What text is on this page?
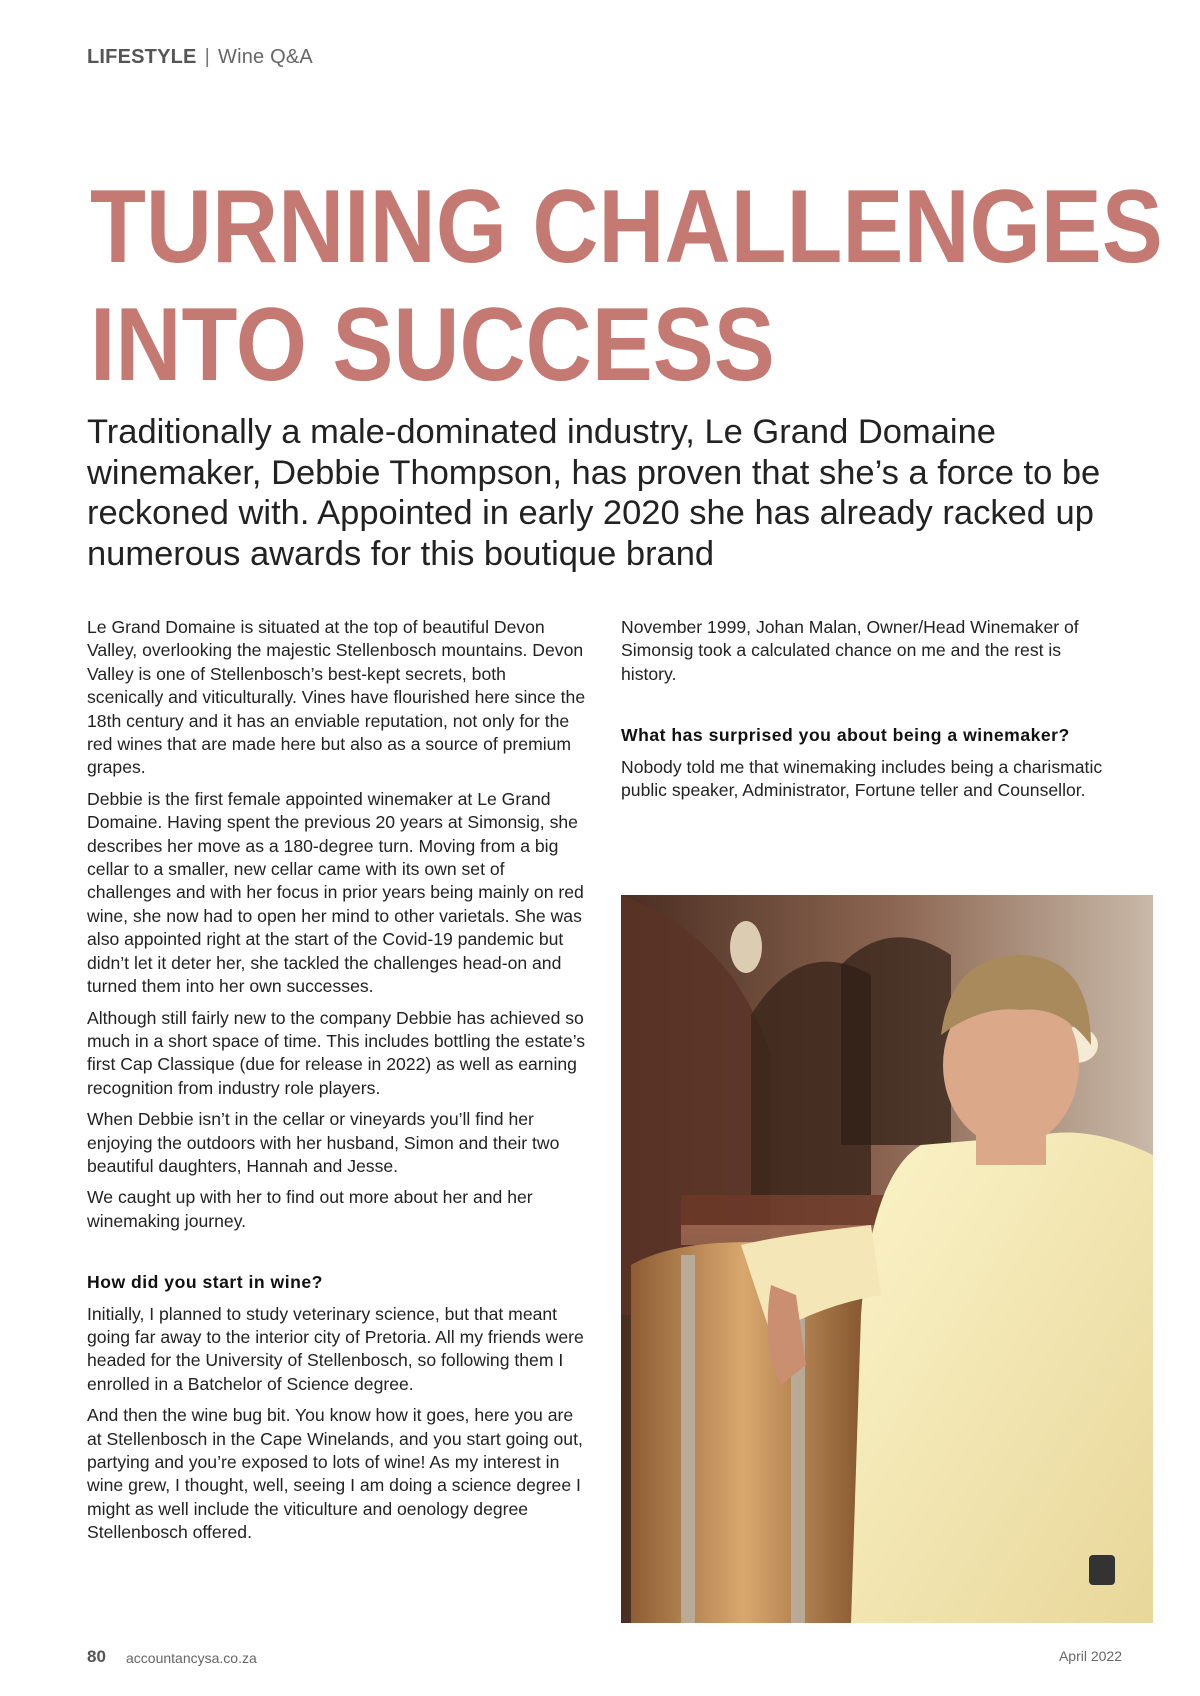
LIFESTYLE | Wine Q&A
TURNING CHALLENGES
INTO SUCCESS
Traditionally a male-dominated industry, Le Grand Domaine winemaker, Debbie Thompson, has proven that she’s a force to be reckoned with. Appointed in early 2020 she has already racked up numerous awards for this boutique brand

Le Grand Domaine is situated at the top of beautiful Devon Valley, overlooking the majestic Stellenbosch mountains. Devon Valley is one of Stellenbosch’s best-kept secrets, both scenically and viticulturally. Vines have flourished here since the 18th century and it has an enviable reputation, not only for the red wines that are made here but also as a source of premium grapes.

Debbie is the first female appointed winemaker at Le Grand Domaine. Having spent the previous 20 years at Simonsig, she describes her move as a 180-degree turn. Moving from a big cellar to a smaller, new cellar came with its own set of challenges and with her focus in prior years being mainly on red wine, she now had to open her mind to other varietals. She was also appointed right at the start of the Covid-19 pandemic but didn’t let it deter her, she tackled the challenges head-on and turned them into her own successes.

Although still fairly new to the company Debbie has achieved so much in a short space of time. This includes bottling the estate’s first Cap Classique (due for release in 2022) as well as earning recognition from industry role players.

When Debbie isn’t in the cellar or vineyards you’ll find her enjoying the outdoors with her husband, Simon and their two beautiful daughters, Hannah and Jesse.

We caught up with her to find out more about her and her winemaking journey.

How did you start in wine?

Initially, I planned to study veterinary science, but that meant going far away to the interior city of Pretoria. All my friends were headed for the University of Stellenbosch, so following them I enrolled in a Batchelor of Science degree.

And then the wine bug bit. You know how it goes, here you are at Stellenbosch in the Cape Winelands, and you start going out, partying and you’re exposed to lots of wine! As my interest in wine grew, I thought, well, seeing I am doing a science degree I might as well include the viticulture and oenology degree Stellenbosch offered.

November 1999, Johan Malan, Owner/Head Winemaker of Simonsig took a calculated chance on me and the rest is history.

What has surprised you about being a winemaker?

Nobody told me that winemaking includes being a charismatic public speaker, Administrator, Fortune teller and Counsellor.

80 accountancysa.co.za	April 2022
